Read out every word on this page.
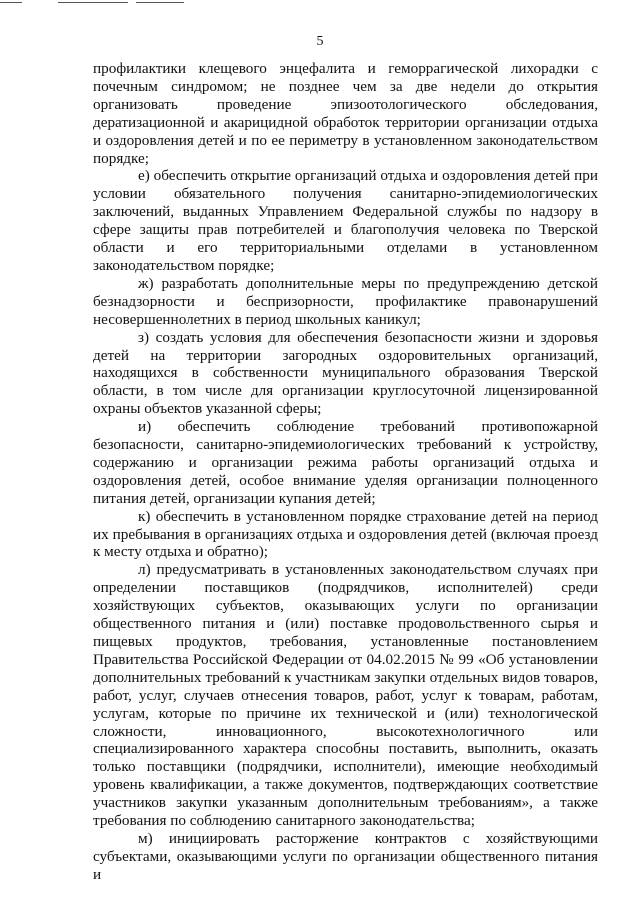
5

профилактики клещевого энцефалита и геморрагической лихорадки с почечным синдромом; не позднее чем за две недели до открытия организовать проведение эпизоотологического обследования, дератизационной и акарицидной обработок территории организации отдыха и оздоровления детей и по ее периметру в установленном законодательством порядке;

е) обеспечить открытие организаций отдыха и оздоровления детей при условии обязательного получения санитарно-эпидемиологических заключений, выданных Управлением Федеральной службы по надзору в сфере защиты прав потребителей и благополучия человека по Тверской области и его территориальными отделами в установленном законодательством порядке;

ж) разработать дополнительные меры по предупреждению детской безнадзорности и беспризорности, профилактике правонарушений несовершеннолетних в период школьных каникул;

з) создать условия для обеспечения безопасности жизни и здоровья детей на территории загородных оздоровительных организаций, находящихся в собственности муниципального образования Тверской области, в том числе для организации круглосуточной лицензированной охраны объектов указанной сферы;

и) обеспечить соблюдение требований противопожарной безопасности, санитарно-эпидемиологических требований к устройству, содержанию и организации режима работы организаций отдыха и оздоровления детей, особое внимание уделяя организации полноценного питания детей, организации купания детей;

к) обеспечить в установленном порядке страхование детей на период их пребывания в организациях отдыха и оздоровления детей (включая проезд к месту отдыха и обратно);

л) предусматривать в установленных законодательством случаях при определении поставщиков (подрядчиков, исполнителей) среди хозяйствующих субъектов, оказывающих услуги по организации общественного питания и (или) поставке продовольственного сырья и пищевых продуктов, требования, установленные постановлением Правительства Российской Федерации от 04.02.2015 № 99 «Об установлении дополнительных требований к участникам закупки отдельных видов товаров, работ, услуг, случаев отнесения товаров, работ, услуг к товарам, работам, услугам, которые по причине их технической и (или) технологической сложности, инновационного, высокотехнологичного или специализированного характера способны поставить, выполнить, оказать только поставщики (подрядчики, исполнители), имеющие необходимый уровень квалификации, а также документов, подтверждающих соответствие участников закупки указанным дополнительным требованиям», а также требования по соблюдению санитарного законодательства;

м) инициировать расторжение контрактов с хозяйствующими субъектами, оказывающими услуги по организации общественного питания и
